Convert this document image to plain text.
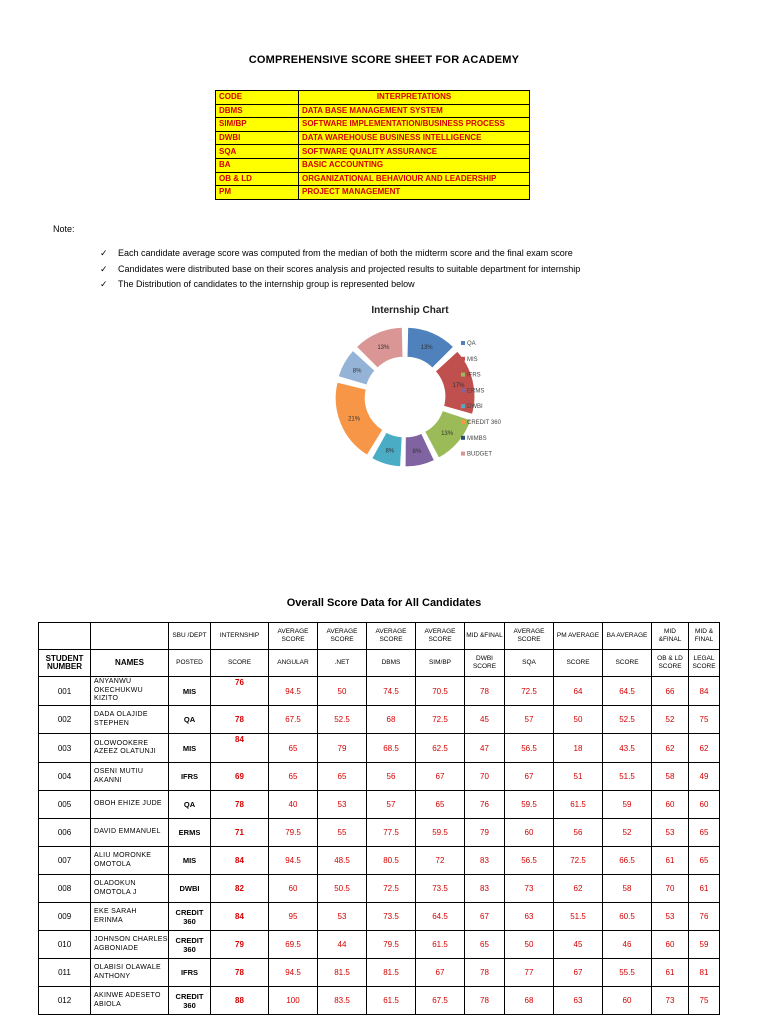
COMPREHENSIVE SCORE SHEET FOR ACADEMY
CODE	INTERPRETATIONS
DBMS	DATA BASE MANAGEMENT SYSTEM
SIM/BP	SOFTWARE IMPLEMENTATION/BUSINESS PROCESS
DWBI	DATA WAREHOUSE BUSINESS INTELLIGENCE
SQA	SOFTWARE QUALITY ASSURANCE
BA	BASIC ACCOUNTING
OB & LD	ORGANIZATIONAL BEHAVIOUR AND LEADERSHIP
PM	PROJECT MANAGEMENT
Note:
✓ Each candidate average score was computed from the median of both the midterm score and the final exam score
✓ Candidates were distributed base on their scores analysis and projected results to suitable department for internship
✓ The Distribution of candidates to the internship group is represented below
Internship Chart
13%
17%
13%
8%
8%
21%
8%
13%
QA
MIS
IFRS
ERMS
DWBI
CREDIT 360
MIMBS
BUDGET
Overall Score Data for All Candidates
		SBU /DEPT	INTERNSHIP	AVERAGE SCORE	AVERAGE SCORE	AVERAGE SCORE	AVERAGE SCORE	MID &FINAL	AVERAGE SCORE	PM AVERAGE	BA AVERAGE	MID &FINAL	MID & FINAL
STUDENT NUMBER	NAMES	POSTED	SCORE	ANGULAR	.NET	DBMS	SIM/BP	DWBI SCORE	SQA	SCORE	SCORE	OB & LD SCORE	LEGAL SCORE
001	ANYANWU OKECHUKWU KIZITO	MIS	76	94.5	50	74.5	70.5	78	72.5	64	64.5	66	84
002	DADA OLAJIDE STEPHEN	QA	78	67.5	52.5	68	72.5	45	57	50	52.5	52	75
003	OLOWOOKERE AZEEZ OLATUNJI	MIS	84	65	79	68.5	62.5	47	56.5	18	43.5	62	62
004	OSENI MUTIU AKANNI	IFRS	69	65	65	56	67	70	67	51	51.5	58	49
005	OBOH EHIZE JUDE	QA	78	40	53	57	65	76	59.5	61.5	59	60	60
006	DAVID EMMANUEL	ERMS	71	79.5	55	77.5	59.5	79	60	56	52	53	65
007	ALIU MORONKE OMOTOLA	MIS	84	94.5	48.5	80.5	72	83	56.5	72.5	66.5	61	65
008	OLADOKUN OMOTOLA J	DWBI	82	60	50.5	72.5	73.5	83	73	62	58	70	61
009	EKE SARAH ERINMA	CREDIT 360	84	95	53	73.5	64.5	67	63	51.5	60.5	53	76
010	JOHNSON CHARLES AGBONIADE	CREDIT 360	79	69.5	44	79.5	61.5	65	50	45	46	60	59
011	OLABISI OLAWALE ANTHONY	IFRS	78	94.5	81.5	81.5	67	78	77	67	55.5	61	81
012	AKINWE ADESETO ABIOLA	CREDIT 360	88	100	83.5	61.5	67.5	78	68	63	60	73	75
